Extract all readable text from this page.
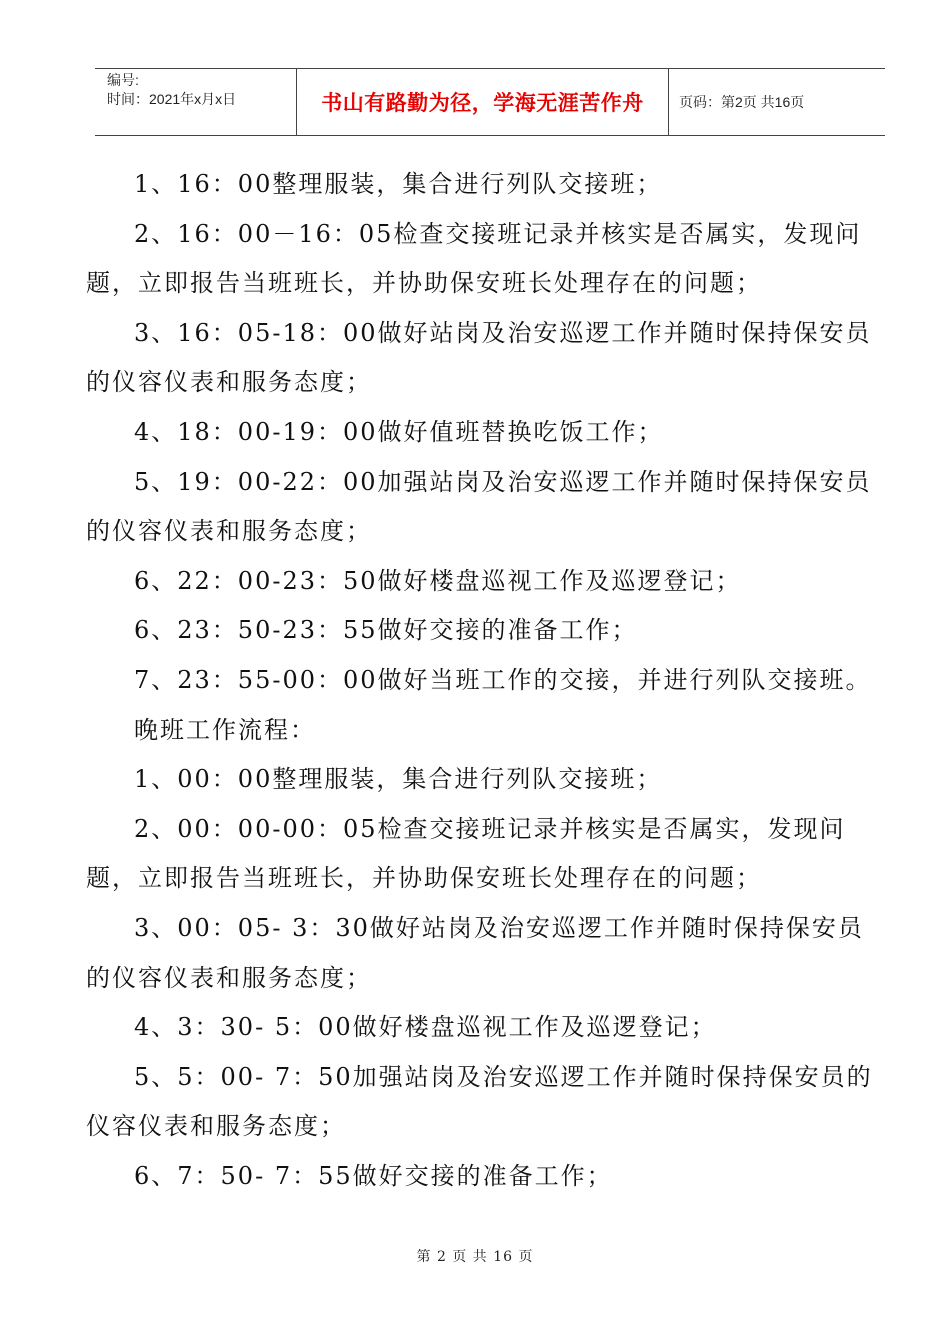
编号:
时间：2021年x月x日	书山有路勤为径，学海无涯苦作舟	页码：第2页 共16页

1、16：00整理服装，集合进行列队交接班；

2、16：00－16：05检查交接班记录并核实是否属实，发现问题，立即报告当班班长，并协助保安班长处理存在的问题；

3、16：05-18：00做好站岗及治安巡逻工作并随时保持保安员的仪容仪表和服务态度；

4、18：00-19：00做好值班替换吃饭工作；

5、19：00-22：00加强站岗及治安巡逻工作并随时保持保安员的仪容仪表和服务态度；

6、22：00-23：50做好楼盘巡视工作及巡逻登记；

6、23：50-23：55做好交接的准备工作；

7、23：55-00：00做好当班工作的交接，并进行列队交接班。

晚班工作流程：

1、00：00整理服装，集合进行列队交接班；

2、00：00-00：05检查交接班记录并核实是否属实，发现问题，立即报告当班班长，并协助保安班长处理存在的问题；

3、00：05- 3：30做好站岗及治安巡逻工作并随时保持保安员的仪容仪表和服务态度；

4、3：30- 5：00做好楼盘巡视工作及巡逻登记；

5、5：00- 7：50加强站岗及治安巡逻工作并随时保持保安员的仪容仪表和服务态度；

6、7：50- 7：55做好交接的准备工作；

第 2 页 共 16 页
